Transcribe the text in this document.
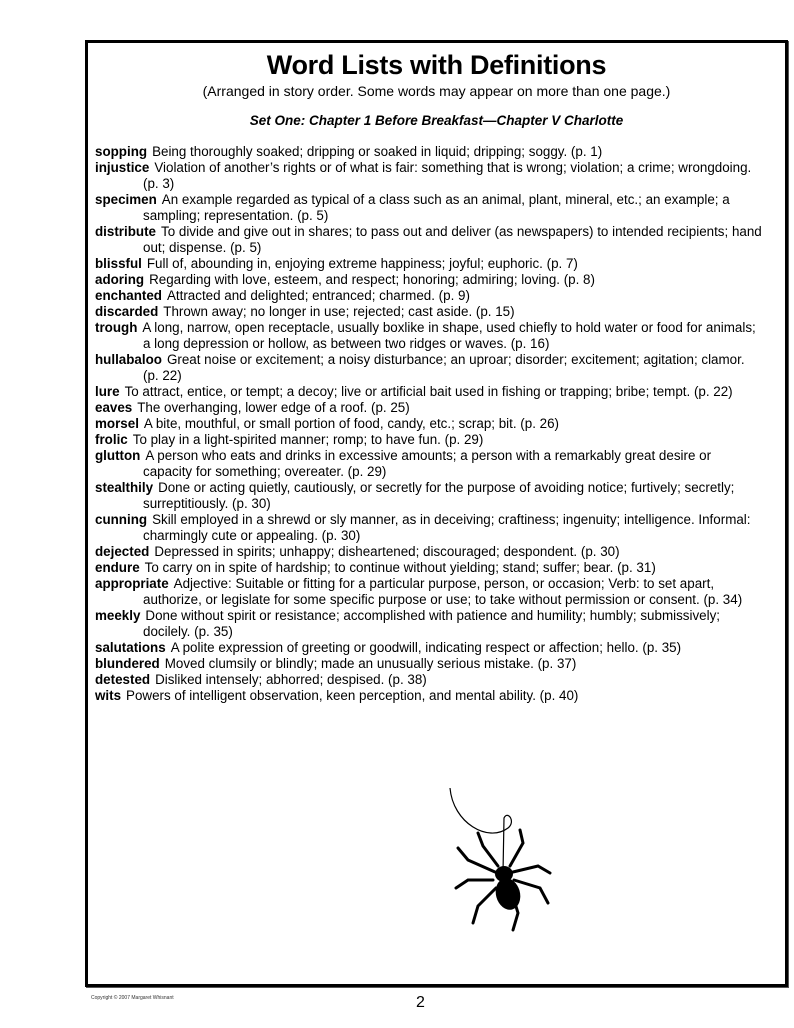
Word Lists with Definitions
(Arranged in story order. Some words may appear on more than one page.)
Set One: Chapter 1 Before Breakfast—Chapter V Charlotte
sopping Being thoroughly soaked; dripping or soaked in liquid; dripping; soggy. (p. 1)
injustice Violation of another’s rights or of what is fair: something that is wrong; violation; a crime; wrongdoing. (p. 3)
specimen An example regarded as typical of a class such as an animal, plant, mineral, etc.; an example; a sampling; representation. (p. 5)
distribute To divide and give out in shares; to pass out and deliver (as newspapers) to intended recipients; hand out; dispense. (p. 5)
blissful Full of, abounding in, enjoying extreme happiness; joyful; euphoric. (p. 7)
adoring Regarding with love, esteem, and respect; honoring; admiring; loving. (p. 8)
enchanted Attracted and delighted; entranced; charmed. (p. 9)
discarded Thrown away; no longer in use; rejected; cast aside. (p. 15)
trough A long, narrow, open receptacle, usually boxlike in shape, used chiefly to hold water or food for animals; a long depression or hollow, as between two ridges or waves. (p. 16)
hullabaloo Great noise or excitement; a noisy disturbance; an uproar; disorder; excitement; agitation; clamor. (p. 22)
lure To attract, entice, or tempt; a decoy; live or artificial bait used in fishing or trapping; bribe; tempt. (p. 22)
eaves The overhanging, lower edge of a roof. (p. 25)
morsel A bite, mouthful, or small portion of food, candy, etc.; scrap; bit. (p. 26)
frolic To play in a light-spirited manner; romp; to have fun. (p. 29)
glutton A person who eats and drinks in excessive amounts; a person with a remarkably great desire or capacity for something; overeater. (p. 29)
stealthily Done or acting quietly, cautiously, or secretly for the purpose of avoiding notice; furtively; secretly; surreptitiously. (p. 30)
cunning Skill employed in a shrewd or sly manner, as in deceiving; craftiness; ingenuity; intelligence. Informal: charmingly cute or appealing. (p. 30)
dejected Depressed in spirits; unhappy; disheartened; discouraged; despondent. (p. 30)
endure To carry on in spite of hardship; to continue without yielding; stand; suffer; bear. (p. 31)
appropriate Adjective: Suitable or fitting for a particular purpose, person, or occasion; Verb: to set apart, authorize, or legislate for some specific purpose or use; to take without permission or consent. (p. 34)
meekly Done without spirit or resistance; accomplished with patience and humility; humbly; submissively; docilely. (p. 35)
salutations A polite expression of greeting or goodwill, indicating respect or affection; hello. (p. 35)
blundered Moved clumsily or blindly; made an unusually serious mistake. (p. 37)
detested Disliked intensely; abhorred; despised. (p. 38)
wits Powers of intelligent observation, keen perception, and mental ability. (p. 40)
Copyright © 2007 Margaret Whisnant	2
